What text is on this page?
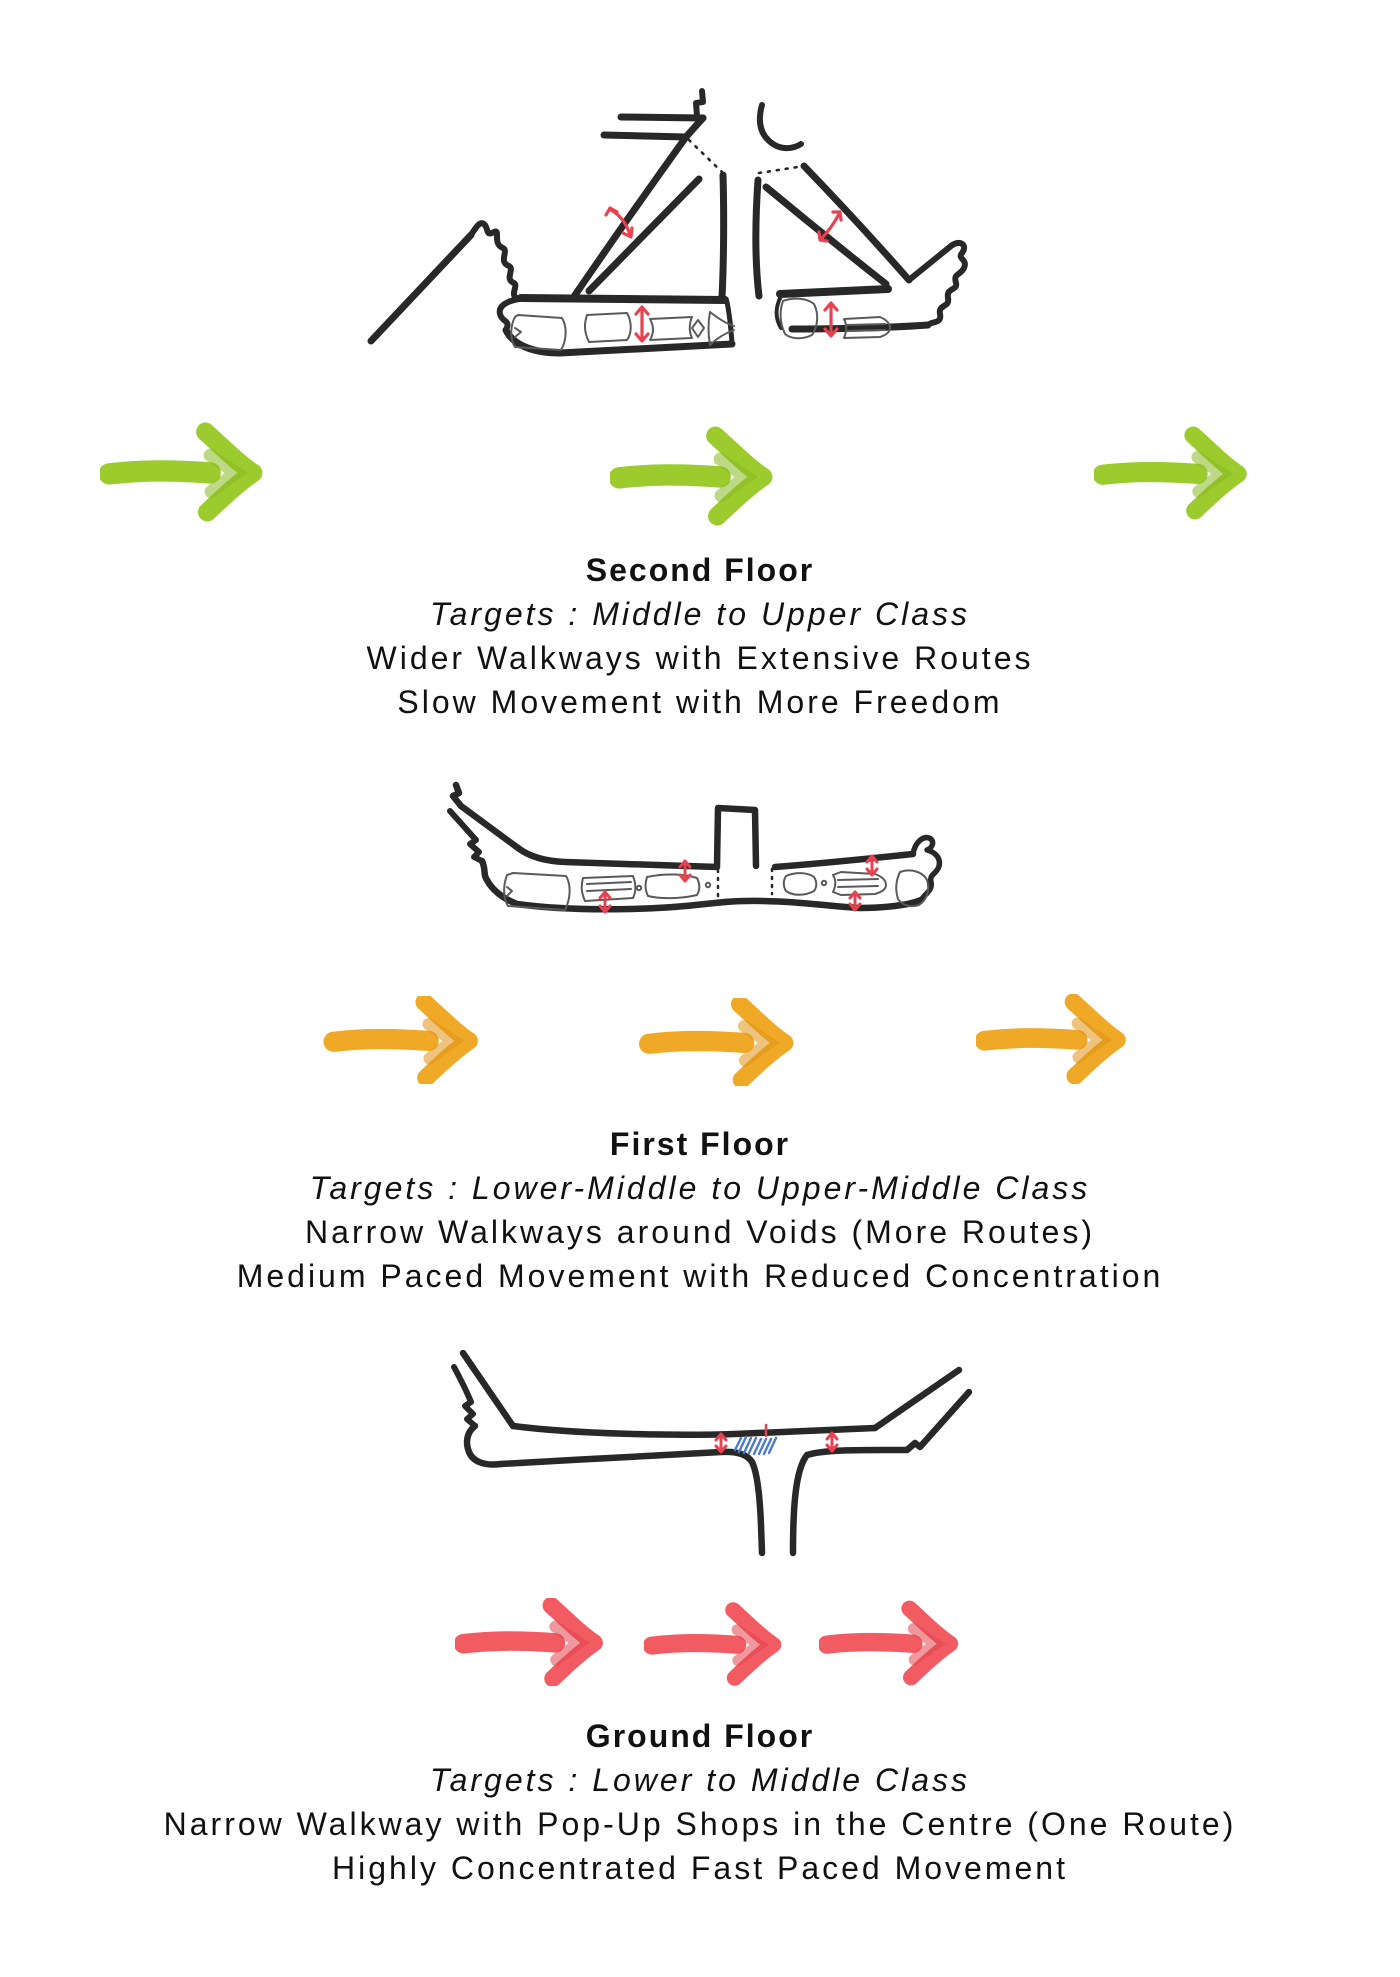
Second Floor
Targets : Middle to Upper Class
Wider Walkways with Extensive Routes
Slow Movement with More Freedom
First Floor
Targets : Lower-Middle to Upper-Middle Class
Narrow Walkways around Voids (More Routes)
Medium Paced Movement with Reduced Concentration
Ground Floor
Targets : Lower to Middle Class
Narrow Walkway with Pop-Up Shops in the Centre (One Route)
Highly Concentrated Fast Paced Movement
